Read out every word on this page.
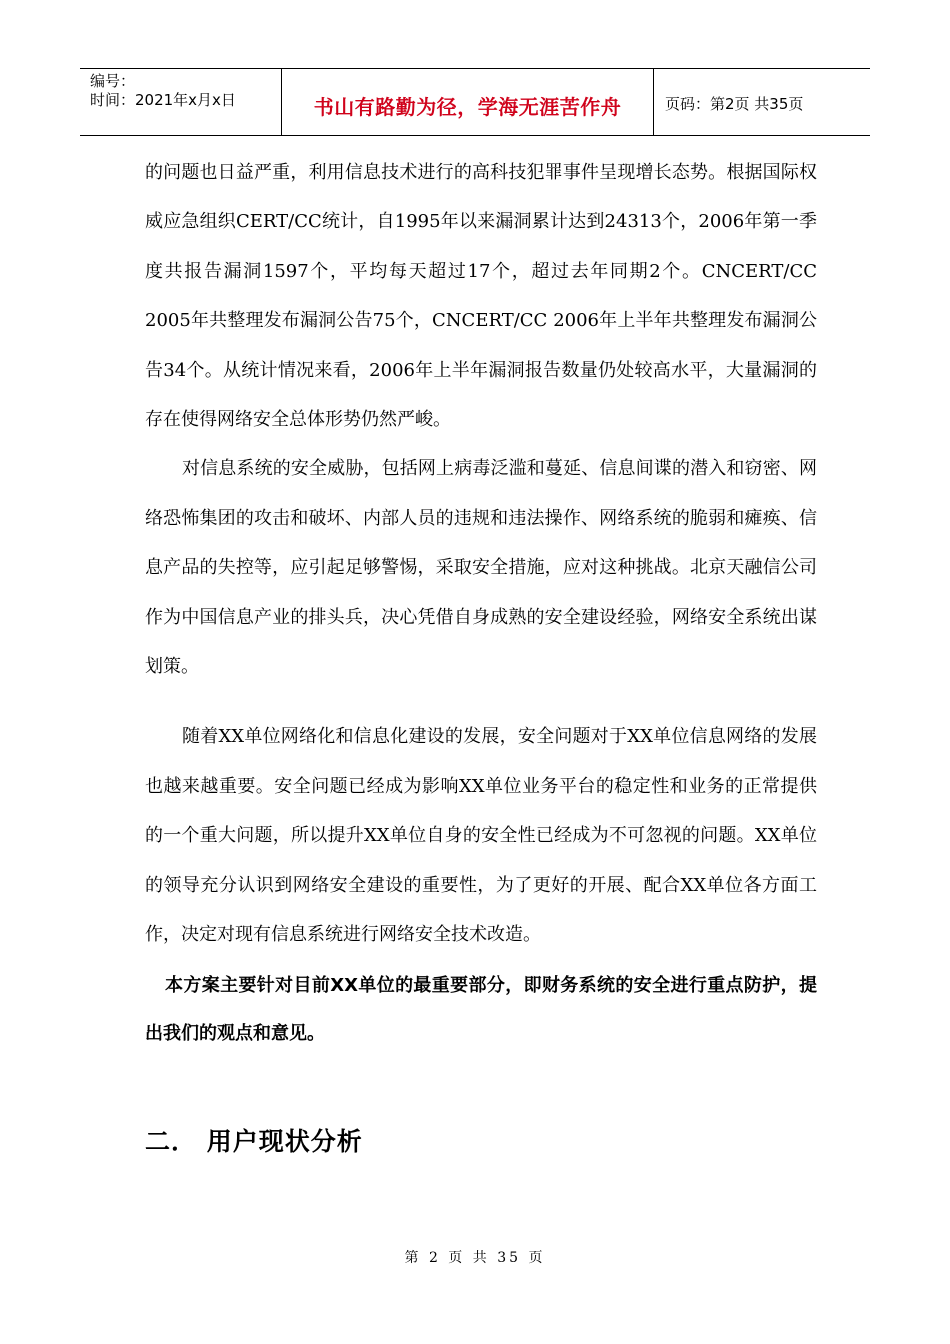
编号：
时间：2021年x月x日	书山有路勤为径，学海无涯苦作舟	页码：第2页 共35页

的问题也日益严重，利用信息技术进行的高科技犯罪事件呈现增长态势。根据国际权威应急组织CERT/CC统计，自1995年以来漏洞累计达到24313个，2006年第一季度共报告漏洞1597个，平均每天超过17个，超过去年同期2个。CNCERT/CC 2005年共整理发布漏洞公告75个，CNCERT/CC 2006年上半年共整理发布漏洞公告34个。从统计情况来看，2006年上半年漏洞报告数量仍处较高水平，大量漏洞的存在使得网络安全总体形势仍然严峻。

对信息系统的安全威胁，包括网上病毒泛滥和蔓延、信息间谍的潜入和窃密、网络恐怖集团的攻击和破坏、内部人员的违规和违法操作、网络系统的脆弱和瘫痪、信息产品的失控等，应引起足够警惕，采取安全措施，应对这种挑战。北京天融信公司作为中国信息产业的排头兵，决心凭借自身成熟的安全建设经验，网络安全系统出谋划策。

随着XX单位网络化和信息化建设的发展，安全问题对于XX单位信息网络的发展也越来越重要。安全问题已经成为影响XX单位业务平台的稳定性和业务的正常提供的一个重大问题，所以提升XX单位自身的安全性已经成为不可忽视的问题。XX单位的领导充分认识到网络安全建设的重要性，为了更好的开展、配合XX单位各方面工作，决定对现有信息系统进行网络安全技术改造。

本方案主要针对目前XX单位的最重要部分，即财务系统的安全进行重点防护，提出我们的观点和意见。

二． 用户现状分析
第 2 页 共 35 页
